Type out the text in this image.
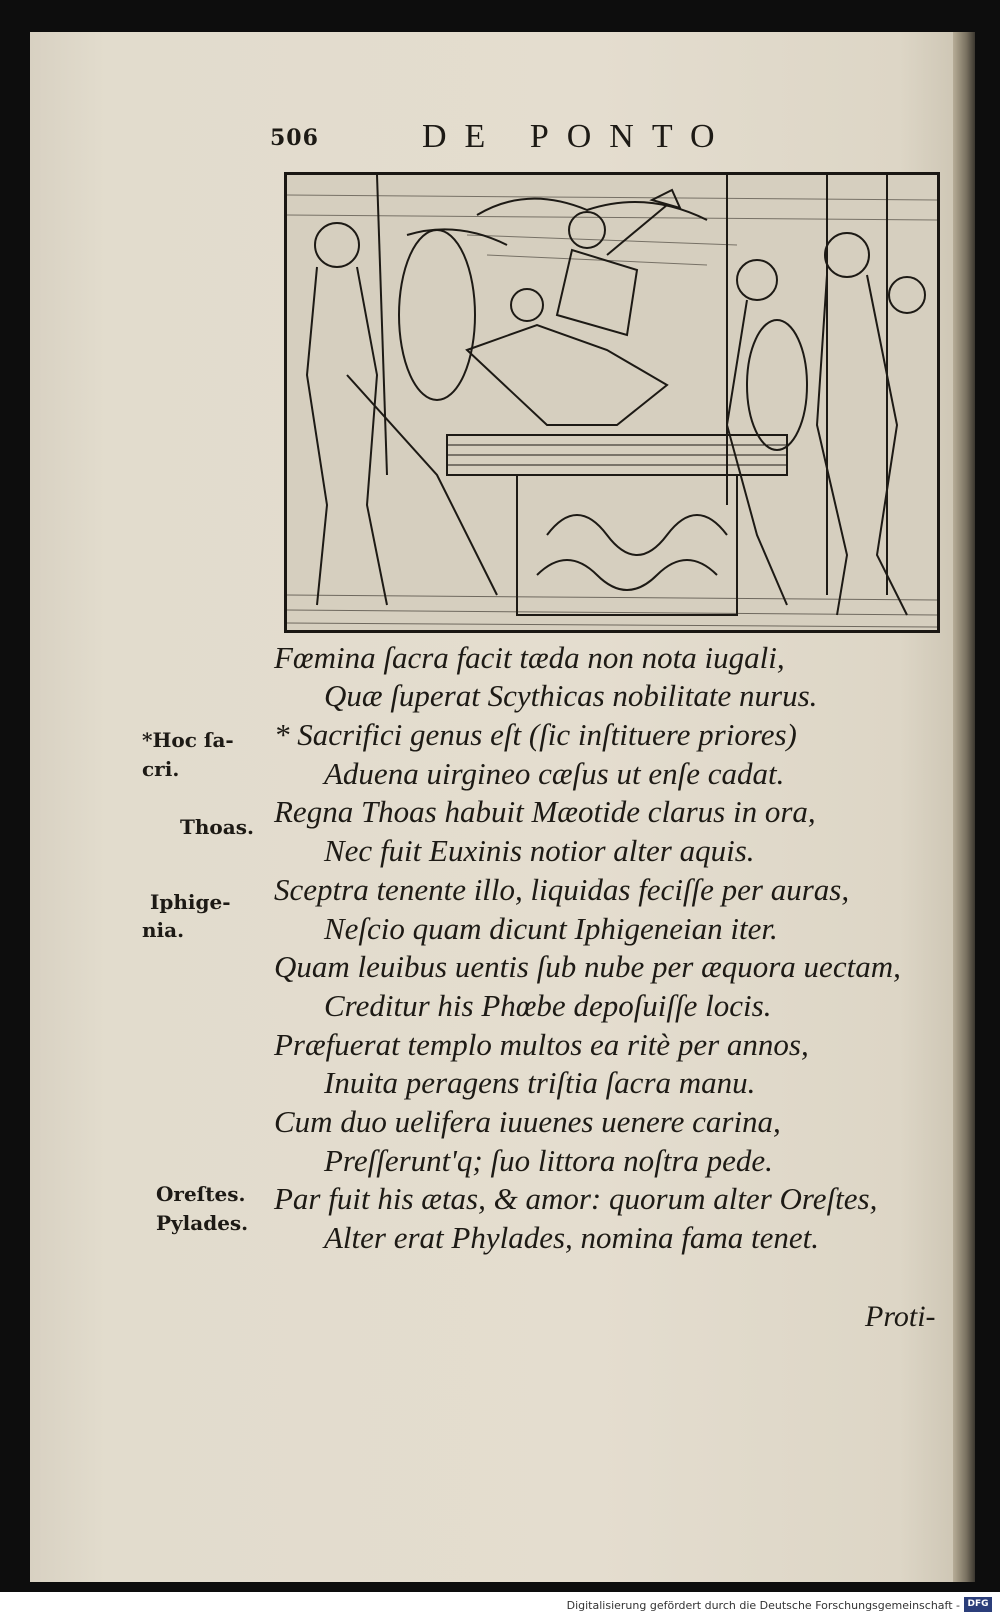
506	DE PONTO
Fœmina ſacra facit tæda non nota iugali,
Quæ ſuperat Scythicas nobilitate nurus.
* Sacrifici genus eſt (ſic inſtituere priores)
Aduena uirgineo cæſus ut enſe cadat.
Regna Thoas habuit Mæotide clarus in ora,
Nec fuit Euxinis notior alter aquis.
Sceptra tenente illo, liquidas feciſſe per auras,
Neſcio quam dicunt Iphigeneian iter.
Quam leuibus uentis ſub nube per æquora uectam,
Creditur his Phœbe depoſuiſſe locis.
Præfuerat templo multos ea ritè per annos,
Inuita peragens triſtia ſacra manu.
Cum duo uelifera iuuenes uenere carina,
Preſſerunt'q; ſuo littora noſtra pede.
Par fuit his ætas, & amor: quorum alter Oreſtes,
Alter erat Phylades, nomina fama tenet.
*Hoc ſa-
cri.
Thoas.
Iphige-
nia.
Oreſtes.
Pylades.
Proti-
Digitalisierung gefördert durch die Deutsche Forschungsgemeinschaft - DFG
